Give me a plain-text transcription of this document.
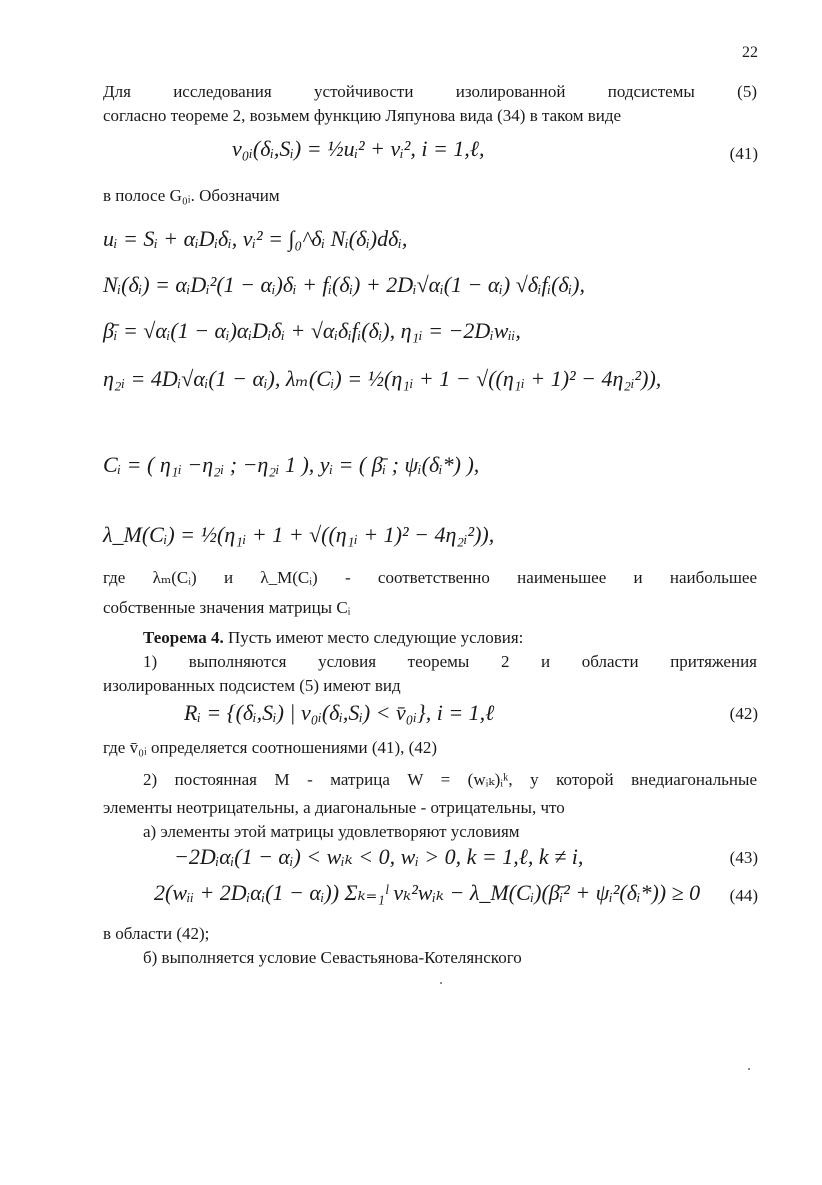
22
Для исследования устойчивости изолированной подсистемы (5)
согласно теореме 2, возьмем функцию Ляпунова вида (34) в таком виде
v₀ᵢ(δᵢ,Sᵢ) = ½uᵢ² + vᵢ², i = 1,ℓ,	(41)
в полосе G₀ᵢ. Обозначим
uᵢ = Sᵢ + αᵢDᵢδᵢ, vᵢ² = ∫₀^δᵢ Nᵢ(δᵢ)dδᵢ,
Nᵢ(δᵢ) = αᵢDᵢ²(1 − αᵢ)δᵢ + fᵢ(δᵢ) + 2Dᵢ√αᵢ(1 − αᵢ) √δᵢfᵢ(δᵢ),
β̄ᵢ = √αᵢ(1 − αᵢ)αᵢDᵢδᵢ + √αᵢδᵢfᵢ(δᵢ), η₁ᵢ = −2Dᵢwᵢᵢ,
η₂ᵢ = 4Dᵢ√αᵢ(1 − αᵢ), λₘ(Cᵢ) = ½(η₁ᵢ + 1 − √((η₁ᵢ + 1)² − 4η₂ᵢ²)),
Cᵢ = ( η₁ᵢ −η₂ᵢ ; −η₂ᵢ 1 ), yᵢ = ( β̄ᵢ ; ψᵢ(δᵢ*) ),
λ_M(Cᵢ) = ½(η₁ᵢ + 1 + √((η₁ᵢ + 1)² − 4η₂ᵢ²)),
где λₘ(Cᵢ) и λ_M(Cᵢ) - соответственно наименьшее и наибольшее
собственные значения матрицы Cᵢ
Теорема 4. Пусть имеют место следующие условия:
1) выполняются условия теоремы 2 и области притяжения
изолированных подсистем (5) имеют вид
Rᵢ = {(δᵢ,Sᵢ) | v₀ᵢ(δᵢ,Sᵢ) < v̄₀ᵢ}, i = 1,ℓ	(42)
где v̄₀ᵢ определяется соотношениями (41), (42)
2) постоянная М - матрица W = (wᵢₖ)ᵢᵏ, у которой внедиагональные
элементы неотрицательны, а диагональные - отрицательны, что
а) элементы этой матрицы удовлетворяют условиям
−2Dᵢαᵢ(1 − αᵢ) < wᵢₖ < 0, wᵢ > 0, k = 1,ℓ, k ≠ i,	(43)
2(wᵢᵢ + 2Dᵢαᵢ(1 − αᵢ)) Σₖ₌₁ˡ vₖ²wᵢₖ − λ_M(Cᵢ)(β̄ᵢ² + ψᵢ²(δᵢ*)) ≥ 0 (44)
в области (42);
б) выполняется условие Севастьянова-Котелянского
